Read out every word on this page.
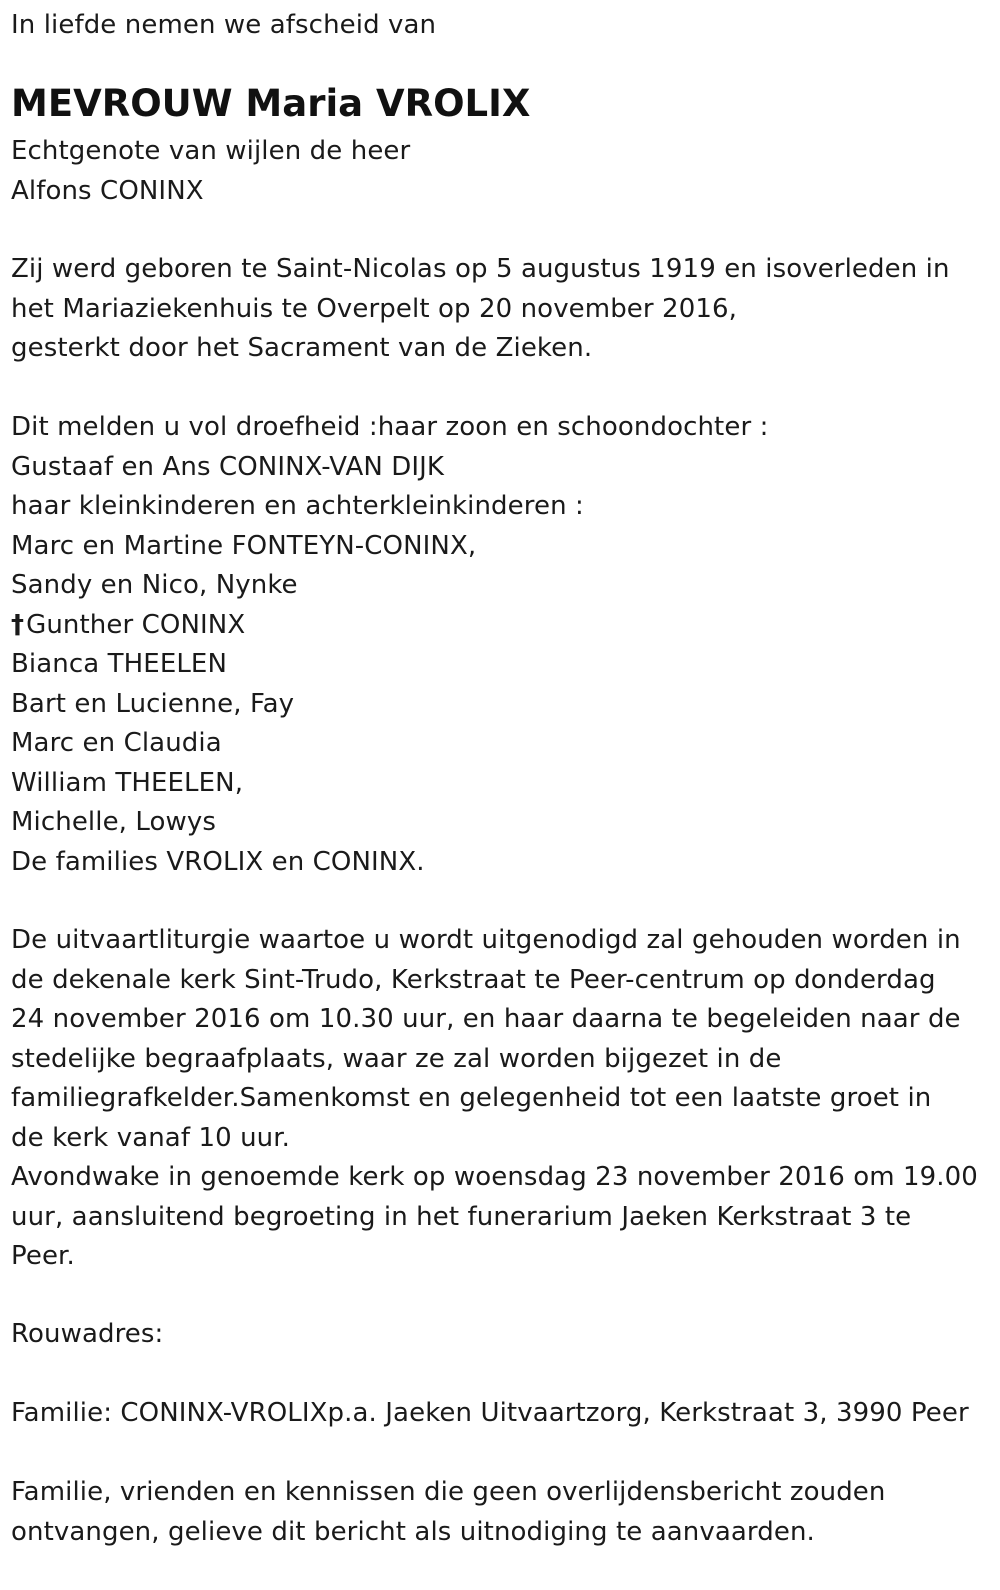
In liefde nemen we afscheid van
MEVROUW Maria VROLIX
Echtgenote van wijlen de heer
Alfons CONINX
Zij werd geboren te Saint-Nicolas op 5 augustus 1919 en isoverleden in
het Mariaziekenhuis te Overpelt op 20 november 2016,
gesterkt door het Sacrament van de Zieken.
Dit melden u vol droefheid :haar zoon en schoondochter :
Gustaaf en Ans CONINX-VAN DIJK
haar kleinkinderen en achterkleinkinderen :
Marc en Martine FONTEYN-CONINX,
Sandy en Nico, Nynke
†Gunther CONINX
Bianca THEELEN
Bart en Lucienne, Fay
Marc en Claudia
William THEELEN,
Michelle, Lowys
De families VROLIX en CONINX.
De uitvaartliturgie waartoe u wordt uitgenodigd zal gehouden worden in
de dekenale kerk Sint-Trudo, Kerkstraat te Peer-centrum op donderdag
24 november 2016 om 10.30 uur, en haar daarna te begeleiden naar de
stedelijke begraafplaats, waar ze zal worden bijgezet in de
familiegrafkelder.Samenkomst en gelegenheid tot een laatste groet in
de kerk vanaf 10 uur.
Avondwake in genoemde kerk op woensdag 23 november 2016 om 19.00
uur, aansluitend begroeting in het funerarium Jaeken Kerkstraat 3 te
Peer.
Rouwadres:
Familie: CONINX-VROLIXp.a. Jaeken Uitvaartzorg, Kerkstraat 3, 3990 Peer
Familie, vrienden en kennissen die geen overlijdensbericht zouden
ontvangen, gelieve dit bericht als uitnodiging te aanvaarden.
